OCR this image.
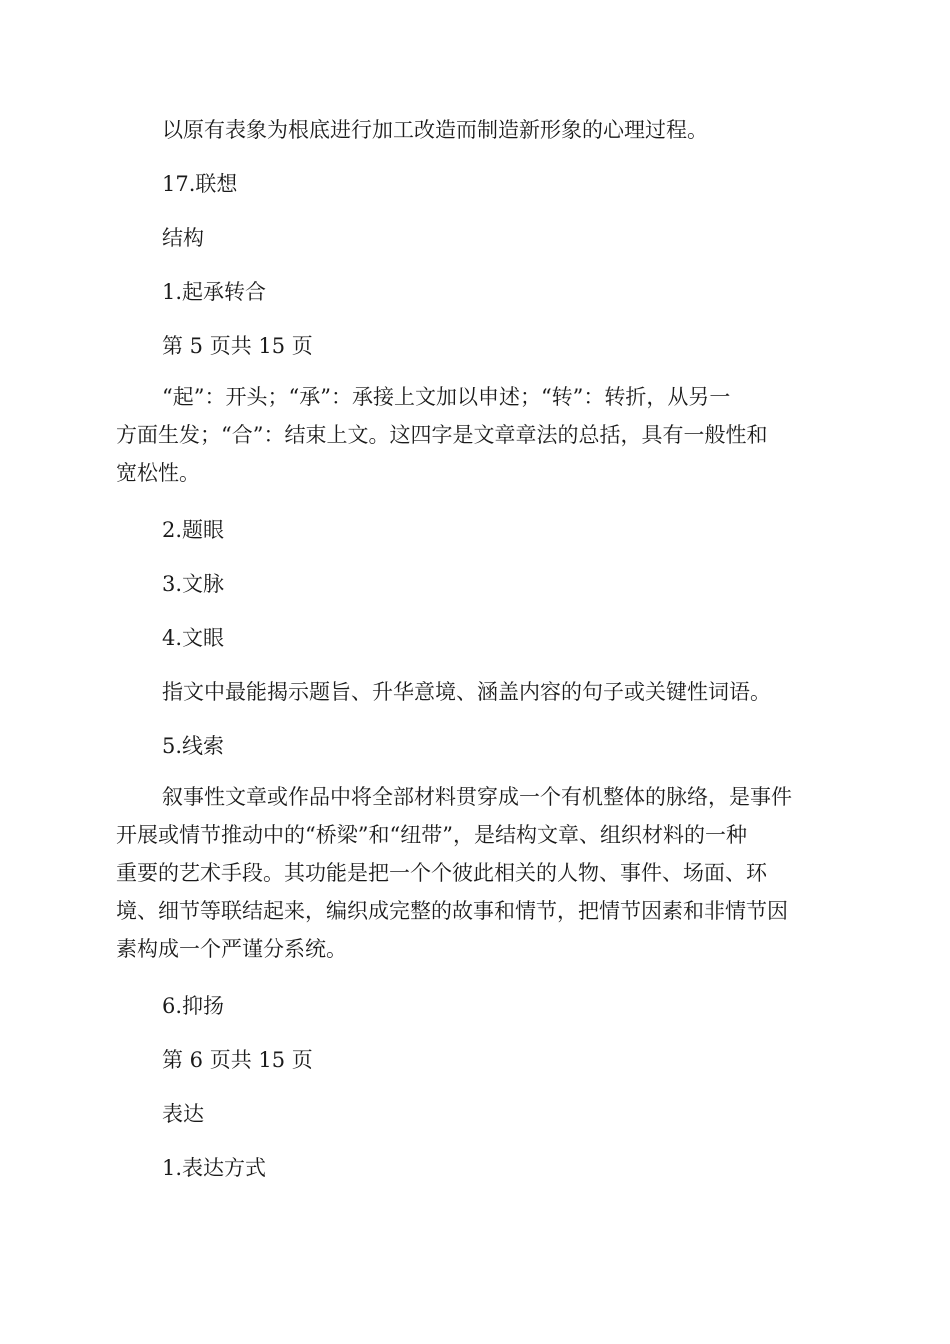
以原有表象为根底进行加工改造而制造新形象的心理过程。

17.联想

结构

1.起承转合

第 5 页共 15 页

“起”：开头；“承”：承接上文加以申述；“转”：转折，从另一
方面生发；“合”：结束上文。这四字是文章章法的总括，具有一般性和
宽松性。

2.题眼

3.文脉

4.文眼

指文中最能揭示题旨、升华意境、涵盖内容的句子或关键性词语。

5.线索

叙事性文章或作品中将全部材料贯穿成一个有机整体的脉络，是事件
开展或情节推动中的“桥梁”和“纽带”，是结构文章、组织材料的一种
重要的艺术手段。其功能是把一个个彼此相关的人物、事件、场面、环
境、细节等联结起来，编织成完整的故事和情节，把情节因素和非情节因
素构成一个严谨分系统。

6.抑扬

第 6 页共 15 页

表达

1.表达方式
